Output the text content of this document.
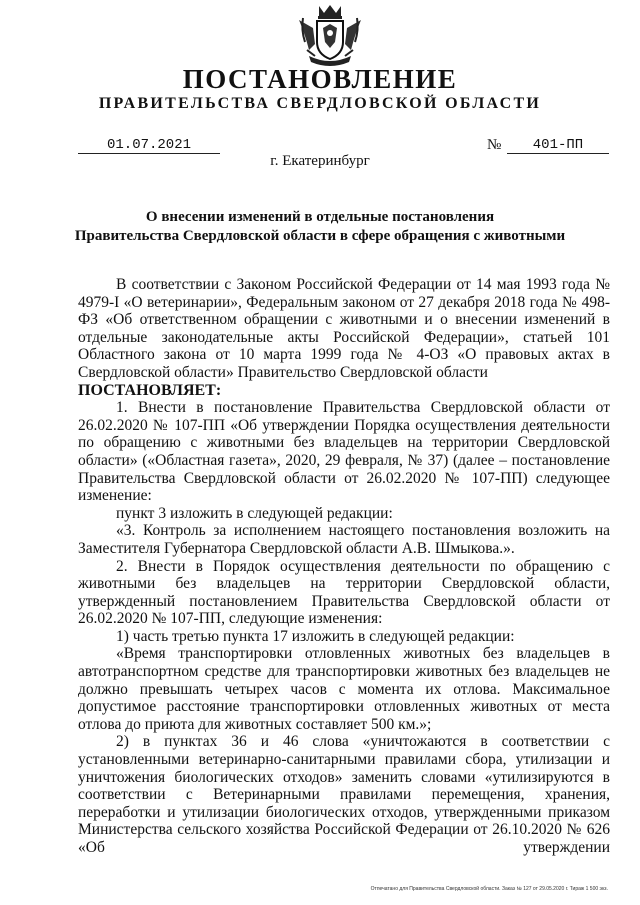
ПОСТАНОВЛЕНИЕ
ПРАВИТЕЛЬСТВА СВЕРДЛОВСКОЙ ОБЛАСТИ
01.07.2021	№	401-ПП
г. Екатеринбург
О внесении изменений в отдельные постановления
Правительства Свердловской области в сфере обращения с животными

В соответствии с Законом Российской Федерации от 14 мая 1993 года № 4979-I «О ветеринарии», Федеральным законом от 27 декабря 2018 года № 498-ФЗ «Об ответственном обращении с животными и о внесении изменений в отдельные законодательные акты Российской Федерации», статьей 101 Областного закона от 10 марта 1999 года № 4-ОЗ «О правовых актах в Свердловской области» Правительство Свердловской области

ПОСТАНОВЛЯЕТ:

1. Внести в постановление Правительства Свердловской области от 26.02.2020 № 107-ПП «Об утверждении Порядка осуществления деятельности по обращению с животными без владельцев на территории Свердловской области» («Областная газета», 2020, 29 февраля, № 37) (далее – постановление Правительства Свердловской области от 26.02.2020 № 107-ПП) следующее изменение:

пункт 3 изложить в следующей редакции:

«3. Контроль за исполнением настоящего постановления возложить на Заместителя Губернатора Свердловской области А.В. Шмыкова.».

2. Внести в Порядок осуществления деятельности по обращению с животными без владельцев на территории Свердловской области, утвержденный постановлением Правительства Свердловской области от 26.02.2020 № 107-ПП, следующие изменения:

1) часть третью пункта 17 изложить в следующей редакции:

«Время транспортировки отловленных животных без владельцев в автотранспортном средстве для транспортировки животных без владельцев не должно превышать четырех часов с момента их отлова. Максимальное допустимое расстояние транспортировки отловленных животных от места отлова до приюта для животных составляет 500 км.»;

2) в пунктах 36 и 46 слова «уничтожаются в соответствии с установленными ветеринарно-санитарными правилами сбора, утилизации и уничтожения биологических отходов» заменить словами «утилизируются в соответствии с Ветеринарными правилами перемещения, хранения, переработки и утилизации биологических отходов, утвержденными приказом Министерства сельского хозяйства Российской Федерации от 26.10.2020 № 626 «Об утверждении

Отпечатано для Правительства Свердловской области. Заказ № 127 от 29.05.2020 г. Тираж 1 500 экз.
